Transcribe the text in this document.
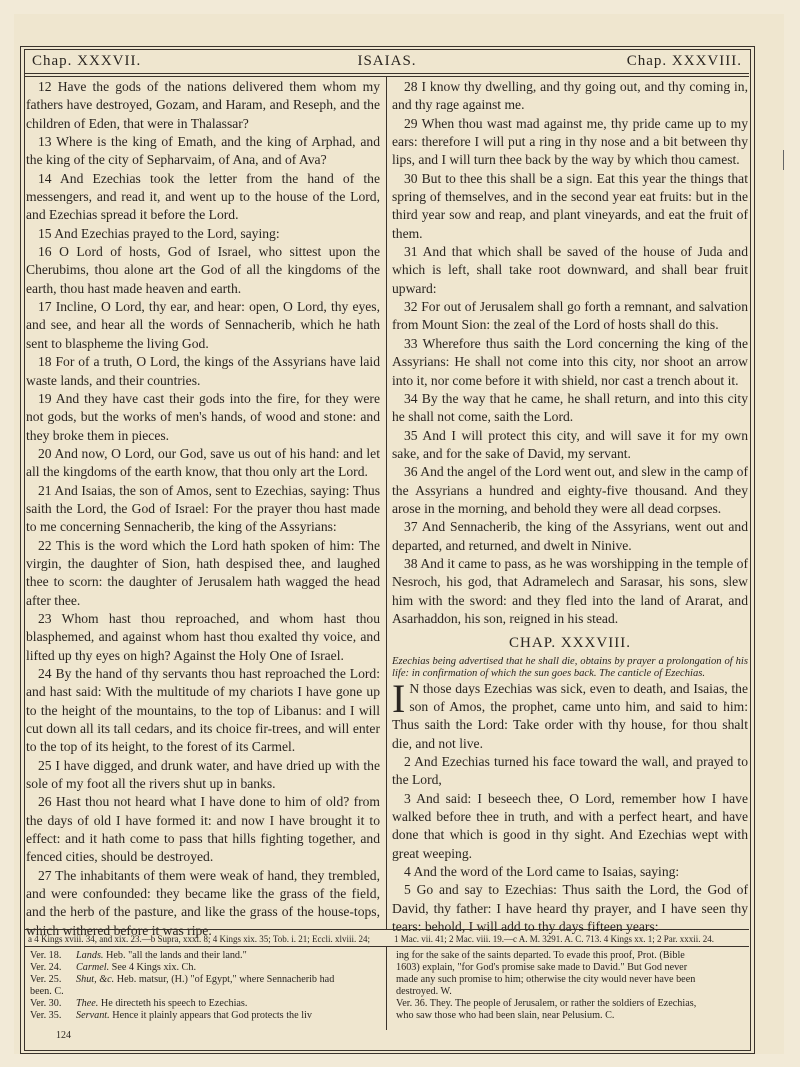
Chap. XXXVII.	ISAIAS.	Chap. XXXVIII.

12 Have the gods of the nations delivered them whom my fathers have destroyed, Gozam, and Haram, and Reseph, and the children of Eden, that were in Thalassar?

13 Where is the king of Emath, and the king of Arphad, and the king of the city of Sepharvaim, of Ana, and of Ava?

14 And Ezechias took the letter from the hand of the messengers, and read it, and went up to the house of the Lord, and Ezechias spread it before the Lord.

15 And Ezechias prayed to the Lord, saying:

16 O Lord of hosts, God of Israel, who sittest upon the Cherubims, thou alone art the God of all the kingdoms of the earth, thou hast made heaven and earth.

17 Incline, O Lord, thy ear, and hear: open, O Lord, thy eyes, and see, and hear all the words of Sennacherib, which he hath sent to blaspheme the living God.

18 For of a truth, O Lord, the kings of the Assyrians have laid waste lands, and their countries.

19 And they have cast their gods into the fire, for they were not gods, but the works of men's hands, of wood and stone: and they broke them in pieces.

20 And now, O Lord, our God, save us out of his hand: and let all the kingdoms of the earth know, that thou only art the Lord.

21 And Isaias, the son of Amos, sent to Ezechias, saying: Thus saith the Lord, the God of Israel: For the prayer thou hast made to me concerning Sennacherib, the king of the Assyrians:

22 This is the word which the Lord hath spoken of him: The virgin, the daughter of Sion, hath despised thee, and laughed thee to scorn: the daughter of Jerusalem hath wagged the head after thee.

23 Whom hast thou reproached, and whom hast thou blasphemed, and against whom hast thou exalted thy voice, and lifted up thy eyes on high? Against the Holy One of Israel.

24 By the hand of thy servants thou hast reproached the Lord: and hast said: With the multitude of my chariots I have gone up to the height of the mountains, to the top of Libanus: and I will cut down all its tall cedars, and its choice fir-trees, and will enter to the top of its height, to the forest of its Carmel.

25 I have digged, and drunk water, and have dried up with the sole of my foot all the rivers shut up in banks.

26 Hast thou not heard what I have done to him of old? from the days of old I have formed it: and now I have brought it to effect: and it hath come to pass that hills fighting together, and fenced cities, should be destroyed.

27 The inhabitants of them were weak of hand, they trembled, and were confounded: they became like the grass of the field, and the herb of the pasture, and like the grass of the house-tops, which withered before it was ripe.

28 I know thy dwelling, and thy going out, and thy coming in, and thy rage against me.

29 When thou wast mad against me, thy pride came up to my ears: therefore I will put a ring in thy nose and a bit between thy lips, and I will turn thee back by the way by which thou camest.

30 But to thee this shall be a sign. Eat this year the things that spring of themselves, and in the second year eat fruits: but in the third year sow and reap, and plant vineyards, and eat the fruit of them.

31 And that which shall be saved of the house of Juda and which is left, shall take root downward, and shall bear fruit upward:

32 For out of Jerusalem shall go forth a remnant, and salvation from Mount Sion: the zeal of the Lord of hosts shall do this.

33 Wherefore thus saith the Lord concerning the king of the Assyrians: He shall not come into this city, nor shoot an arrow into it, nor come before it with shield, nor cast a trench about it.

34 By the way that he came, he shall return, and into this city he shall not come, saith the Lord.

35 And I will protect this city, and will save it for my own sake, and for the sake of David, my servant.

36 And the angel of the Lord went out, and slew in the camp of the Assyrians a hundred and eighty-five thousand. And they arose in the morning, and behold they were all dead corpses.

37 And Sennacherib, the king of the Assyrians, went out and departed, and returned, and dwelt in Ninive.

38 And it came to pass, as he was worshipping in the temple of Nesroch, his god, that Adramelech and Sarasar, his sons, slew him with the sword: and they fled into the land of Ararat, and Asarhaddon, his son, reigned in his stead.

CHAP. XXXVIII.

Ezechias being advertised that he shall die, obtains by prayer a prolongation of his life: in confirmation of which the sun goes back. The canticle of Ezechias.

I N those days Ezechias was sick, even to death, and Isaias, the son of Amos, the prophet, came unto him, and said to him: Thus saith the Lord: Take order with thy house, for thou shalt die, and not live.

2 And Ezechias turned his face toward the wall, and prayed to the Lord,

3 And said: I beseech thee, O Lord, remember how I have walked before thee in truth, and with a perfect heart, and have done that which is good in thy sight. And Ezechias wept with great weeping.

4 And the word of the Lord came to Isaias, saying:

5 Go and say to Ezechias: Thus saith the Lord, the God of David, thy father: I have heard thy prayer, and I have seen thy tears: behold, I will add to thy days fifteen years:

a 4 Kings xviii. 34, and xix. 23.—b Supra, xxxi. 8; 4 Kings xix. 35; Tob. i. 21; Eccli. xlviii. 24;	1 Mac. vii. 41; 2 Mac. viii. 19.—c A. M. 3291. A. C. 713. 4 Kings xx. 1; 2 Par. xxxii. 24.
Ver. 18. Lands. Heb. "all the lands and their land."
Ver. 24. Carmel. See 4 Kings xix. Ch.
Ver. 25. Shut, &c. Heb. matsur, (H.) "of Egypt," where Sennacherib had
been. C.
Ver. 30. Thee. He directeth his speech to Ezechias.
Ver. 35. Servant. Hence it plainly appears that God protects the liv
ing for the sake of the saints departed. To evade this proof, Prot. (Bible
1603) explain, "for God's promise sake made to David." But God never
made any such promise to him; otherwise the city would never have been
destroyed. W.
Ver. 36. They. The people of Jerusalem, or rather the soldiers of Ezechias,
who saw those who had been slain, near Pelusium. C.
124
